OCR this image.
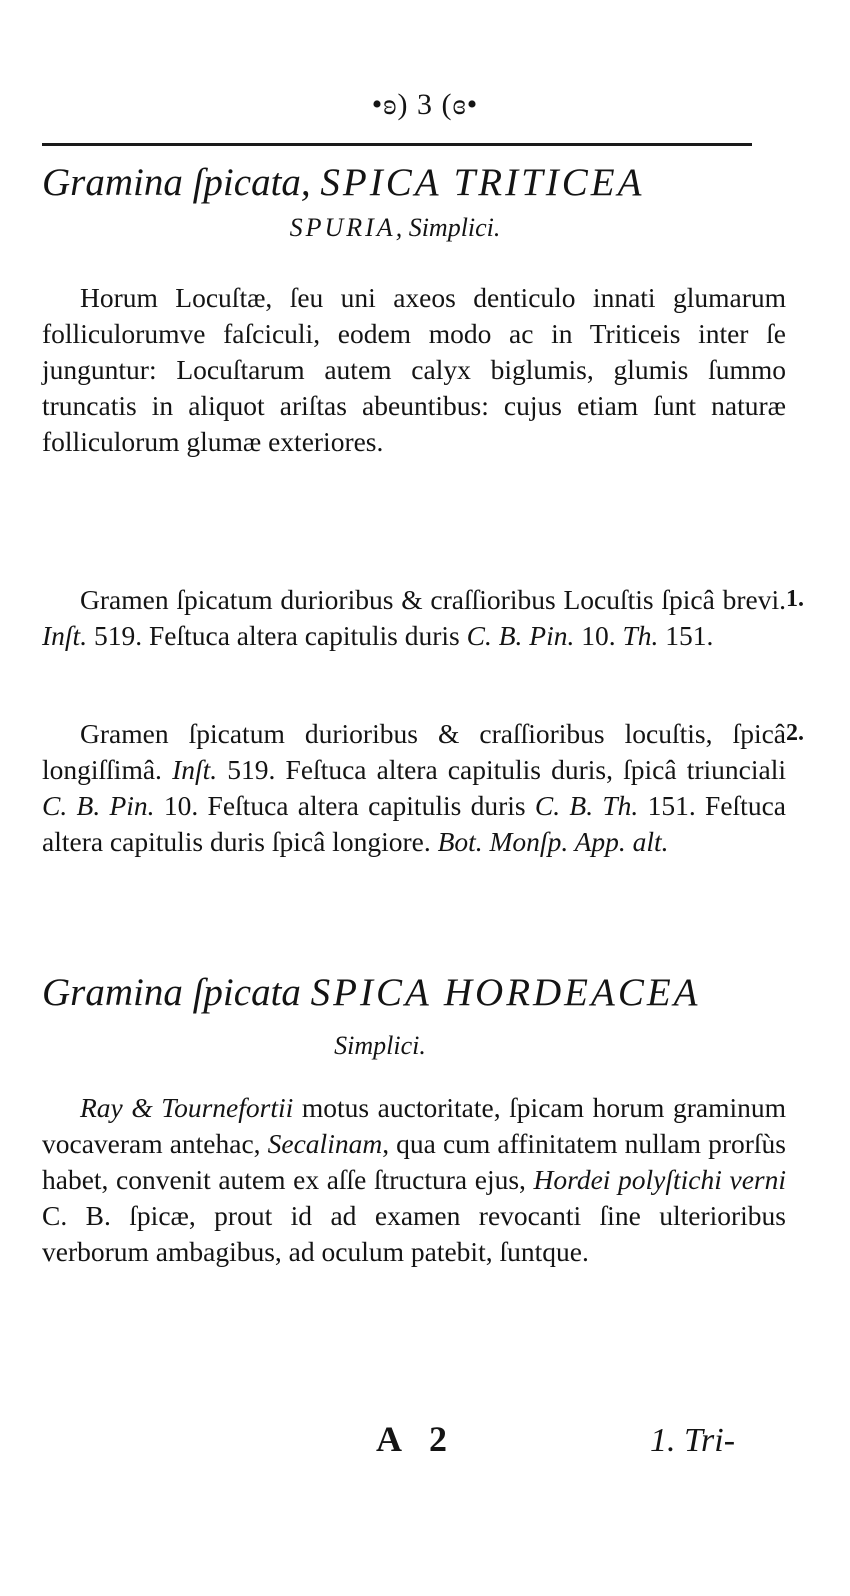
•ʚ) 3 (ɞ•
Gramina ſpicata, SPICA TRITICEA
SPURIA, Simplici.
Horum Locuſtæ, ſeu uni axeos denticulo innati glumarum folliculorumve faſciculi, eodem modo ac in Triticeis inter ſe junguntur: Locuſtarum autem calyx biglumis, glumis ſummo truncatis in aliquot ariſtas abeuntibus: cujus etiam ſunt naturæ folliculorum glumæ exteriores.
Gramen ſpicatum durioribus & craſſioribus Locuſtis ſpicâ brevi. Inſt. 519. Feſtuca altera capitulis duris C. B. Pin. 10. Th. 151.
1.
Gramen ſpicatum durioribus & craſſioribus locuſtis, ſpicâ longiſſimâ. Inſt. 519. Feſtuca altera capitulis duris, ſpicâ triunciali C. B. Pin. 10. Feſtuca altera capitulis duris C. B. Th. 151. Feſtuca altera capitulis duris ſpicâ longiore. Bot. Monſp. App. alt.
2.
Gramina ſpicata SPICA HORDEACEA
Simplici.
Ray & Tournefortii motus auctoritate, ſpicam horum graminum vocaveram antehac, Secalinam, qua cum affinitatem nullam prorſùs habet, convenit autem ex aſſe ſtructura ejus, Hordei polyſtichi verni C. B. ſpicæ, prout id ad examen revocanti ſine ulterioribus verborum ambagibus, ad oculum patebit, ſuntque.
A 2	1. Tri-
